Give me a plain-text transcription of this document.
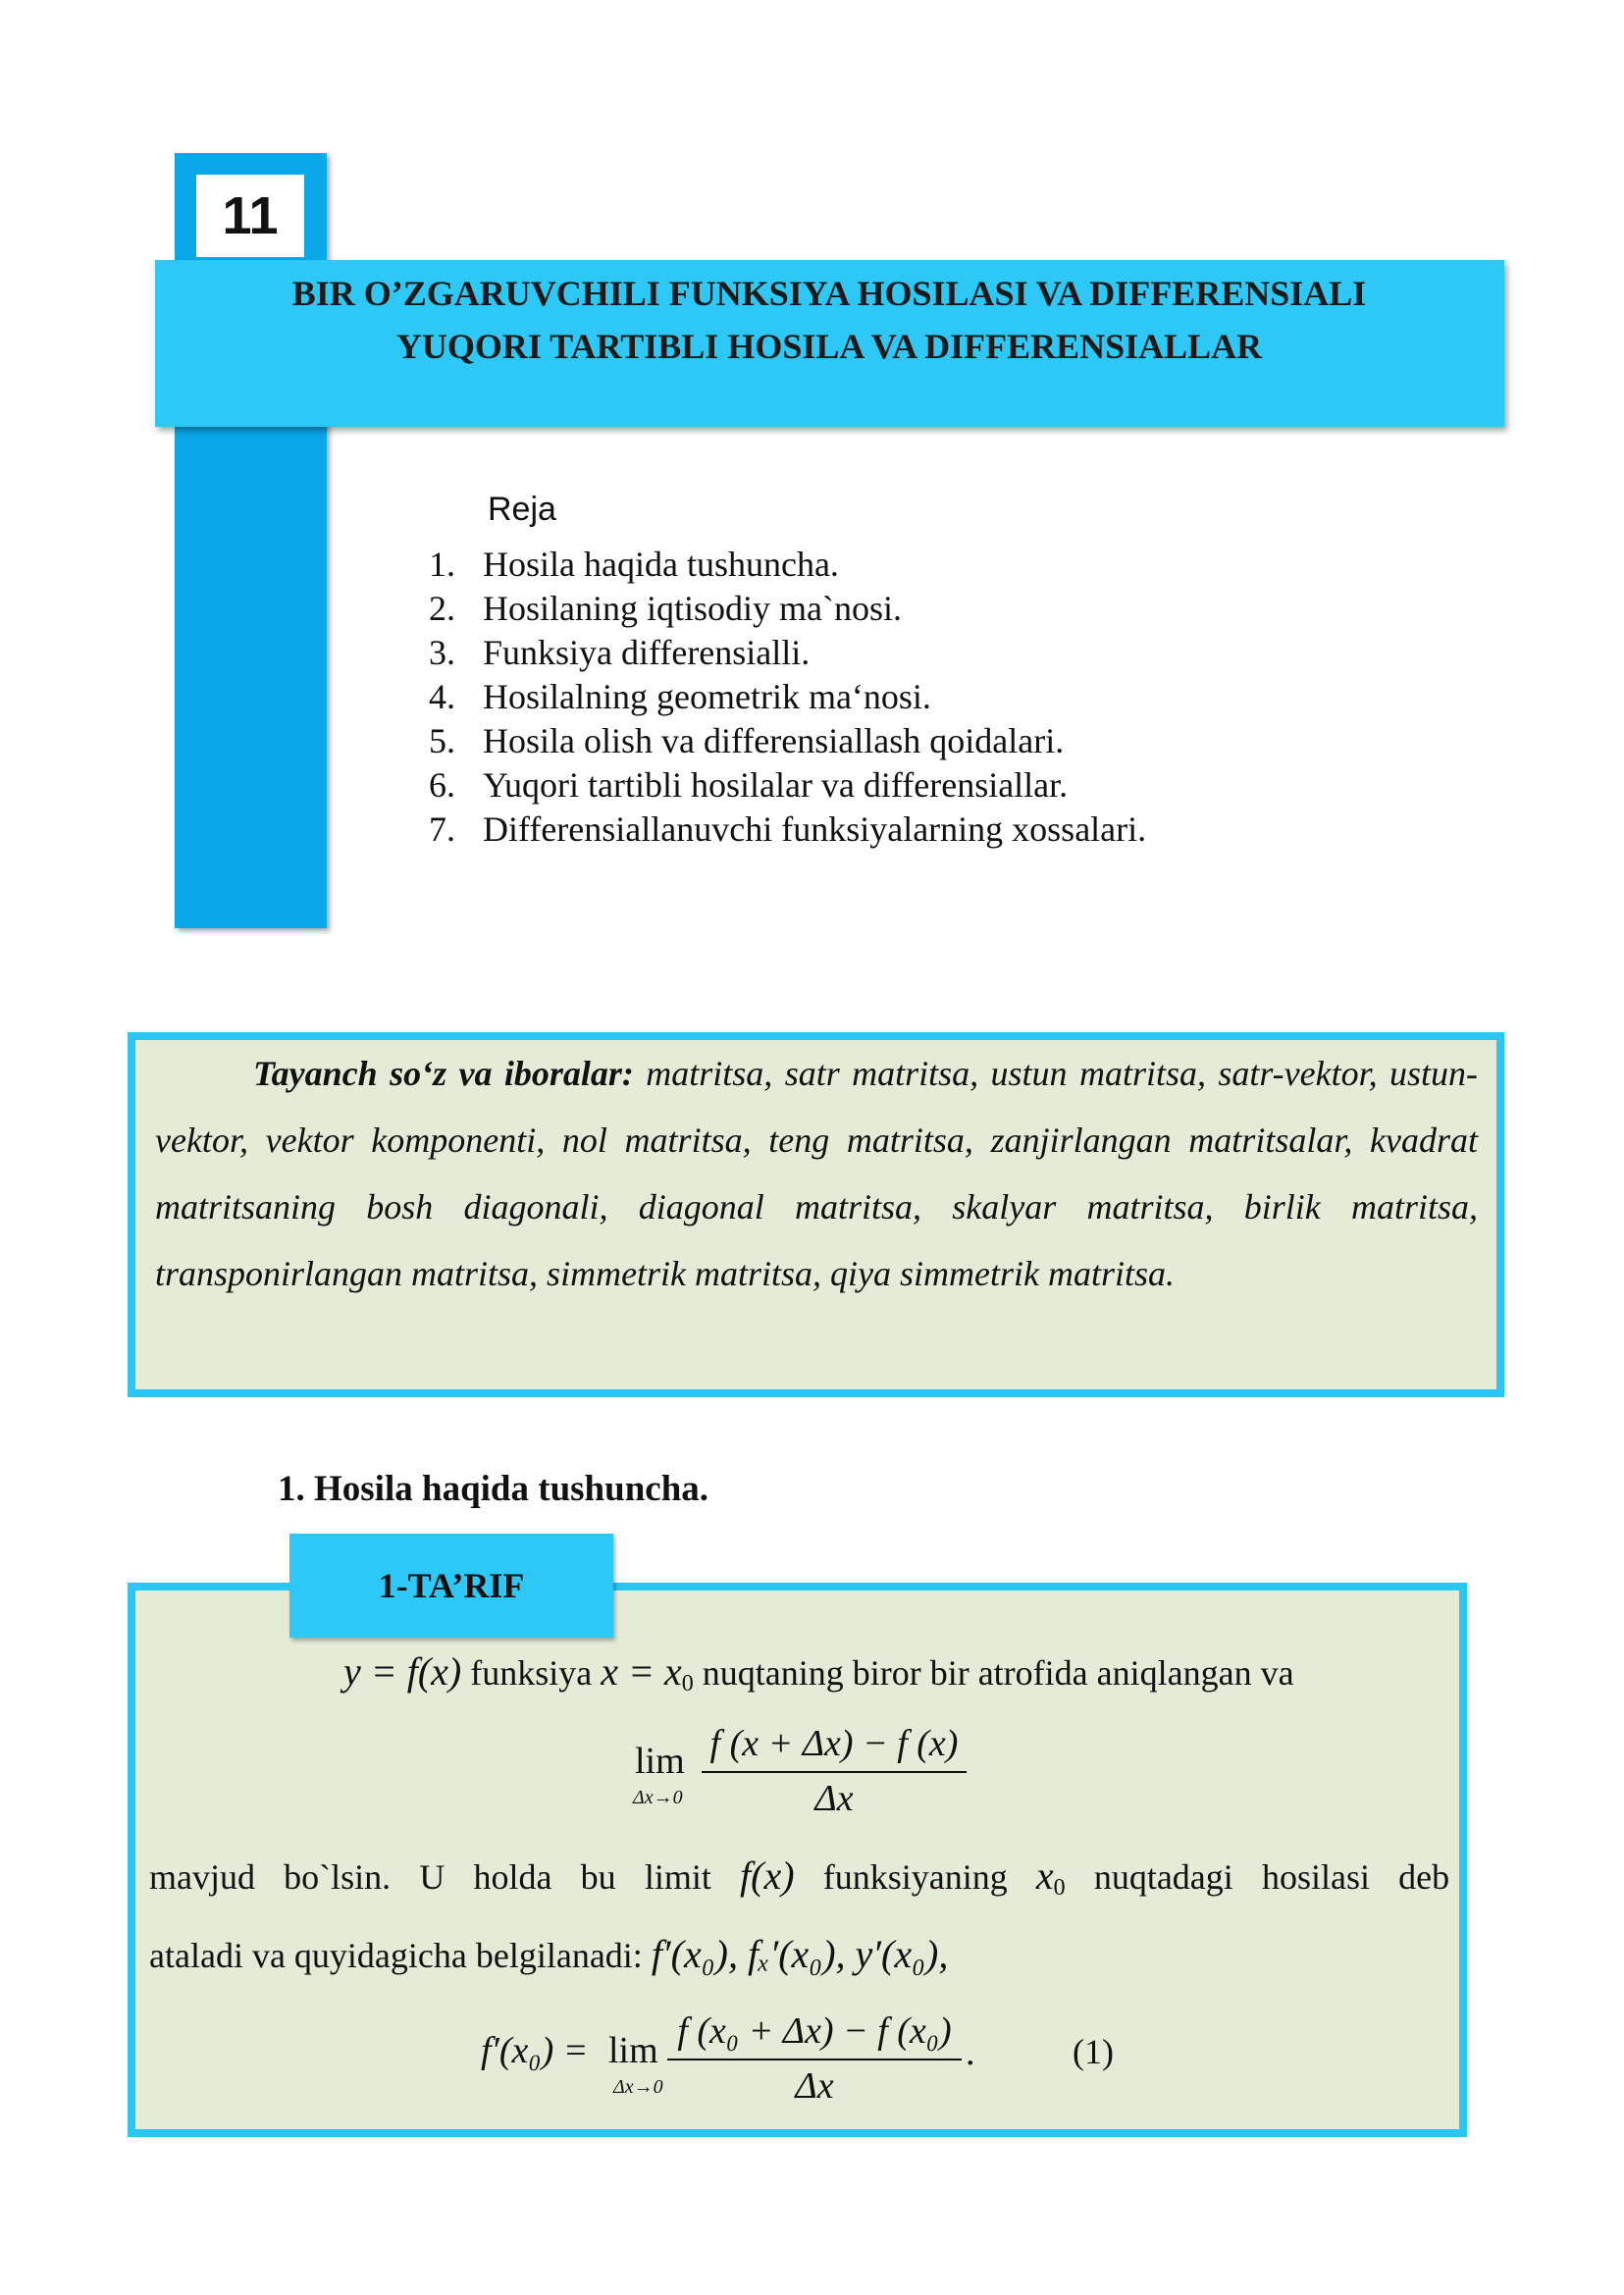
11
BIR O’ZGARUVCHILI FUNKSIYA HOSILASI VA DIFFERENSIALI
YUQORI TARTIBLI HOSILA VA DIFFERENSIALLAR
Reja
1. Hosila haqida tushuncha.
2. Hosilaning iqtisodiy ma`nosi.
3. Funksiya differensialli.
4. Hosilalning geometrik ma‘nosi.
5. Hosila olish va differensiallash qoidalari.
6. Yuqori tartibli hosilalar va differensiallar.
7. Differensiallanuvchi funksiyalarning xossalari.
Tayanch so‘z va iboralar: matritsa, satr matritsa, ustun matritsa, satr-vektor, ustun-vektor, vektor komponenti, nol matritsa, teng matritsa, zanjirlangan matritsalar, kvadrat matritsaning bosh diagonali, diagonal matritsa, skalyar matritsa, birlik matritsa, transponirlangan matritsa, simmetrik matritsa, qiya simmetrik matritsa.
1. Hosila haqida tushuncha.
1-TA’RIF
y = f(x) funksiya $x = x_0$ nuqtaning biror bir atrofida aniqlangan va
lim
Δx→0
f (x + Δx) − f (x)
Δx
mavjud bo`lsin. U holda bu limit f(x) funksiyaning $x_0$ nuqtadagi hosilasi deb
ataladi va quyidagicha belgilanadi: f′(x₀), fₓ′(x₀), y′(x₀),
f′(x₀) = lim
Δx→0
f (x₀ + Δx) − f (x₀)
Δx
.	(1)
